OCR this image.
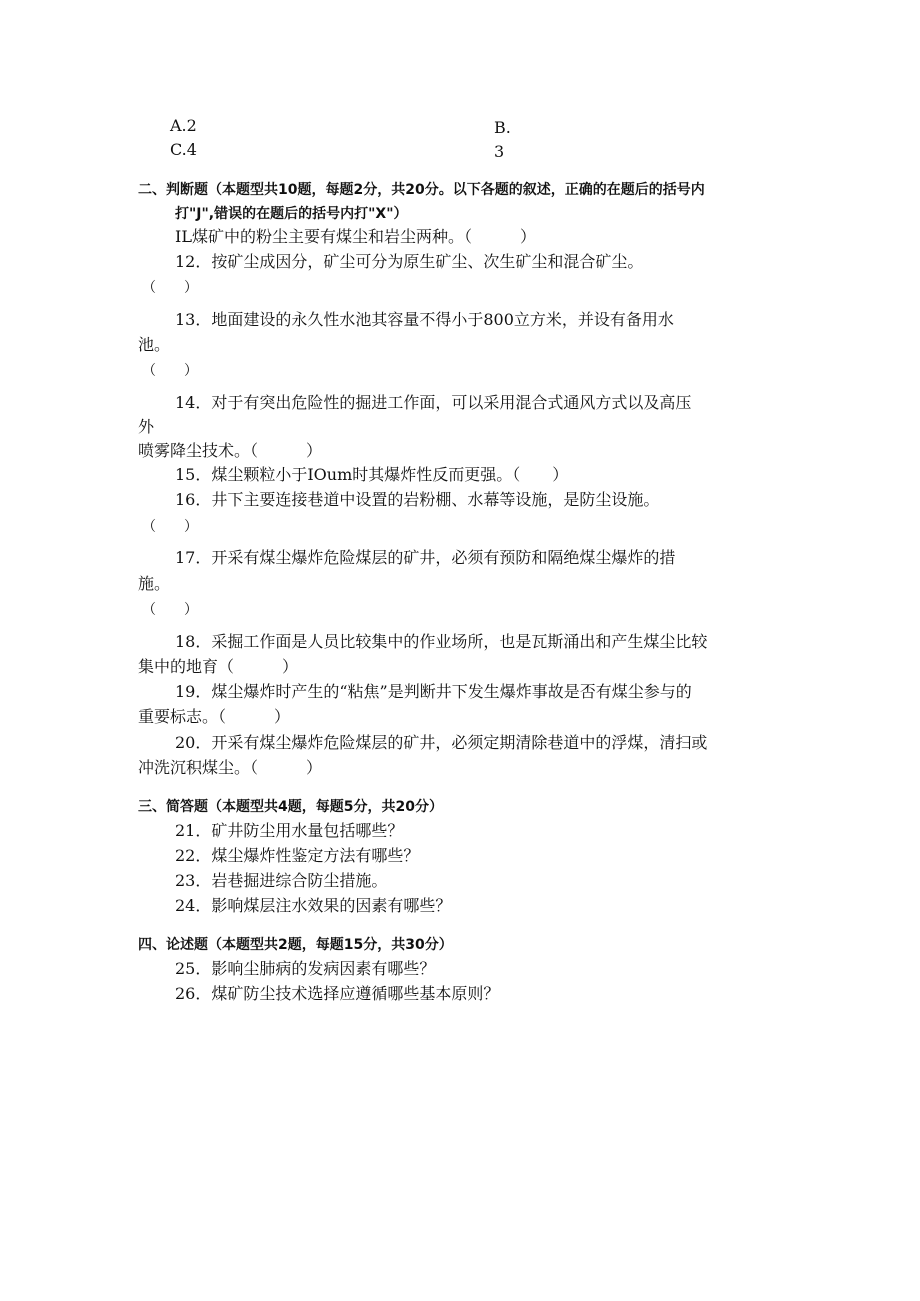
A.2	B.
C.4	3
二、判断题（本题型共10题，每题2分，共20分。以下各题的叙述，正确的在题后的括号内
打"J",错误的在题后的括号内打"X"）
IL煤矿中的粉尘主要有煤尘和岩尘两种。（　　　）
12．按矿尘成因分，矿尘可分为原生矿尘、次生矿尘和混合矿尘。
（　　）
13．地面建设的永久性水池其容量不得小于800立方米，并设有备用水
池。
（　　）
14．对于有突出危险性的掘进工作面，可以采用混合式通风方式以及高压
外
喷雾降尘技术。（　　　）
15．煤尘颗粒小于IOum时其爆炸性反而更强。（　　）
16．井下主要连接巷道中设置的岩粉棚、水幕等设施，是防尘设施。
（　　）
17．开采有煤尘爆炸危险煤层的矿井，必须有预防和隔绝煤尘爆炸的措
施。
（　　）
18．采掘工作面是人员比较集中的作业场所，也是瓦斯涌出和产生煤尘比较
集中的地育（　　　）
19．煤尘爆炸时产生的“粘焦”是判断井下发生爆炸事故是否有煤尘参与的
重要标志。（　　　）
20．开采有煤尘爆炸危险煤层的矿井，必须定期清除巷道中的浮煤，清扫或
冲洗沉积煤尘。（　　　）
三、简答题（本题型共4题，每题5分，共20分）
21．矿井防尘用水量包括哪些？
22．煤尘爆炸性鉴定方法有哪些？
23．岩巷掘进综合防尘措施。
24．影响煤层注水效果的因素有哪些？
四、论述题（本题型共2题，每题15分，共30分）
25．影响尘肺病的发病因素有哪些？
26．煤矿防尘技术选择应遵循哪些基本原则？
